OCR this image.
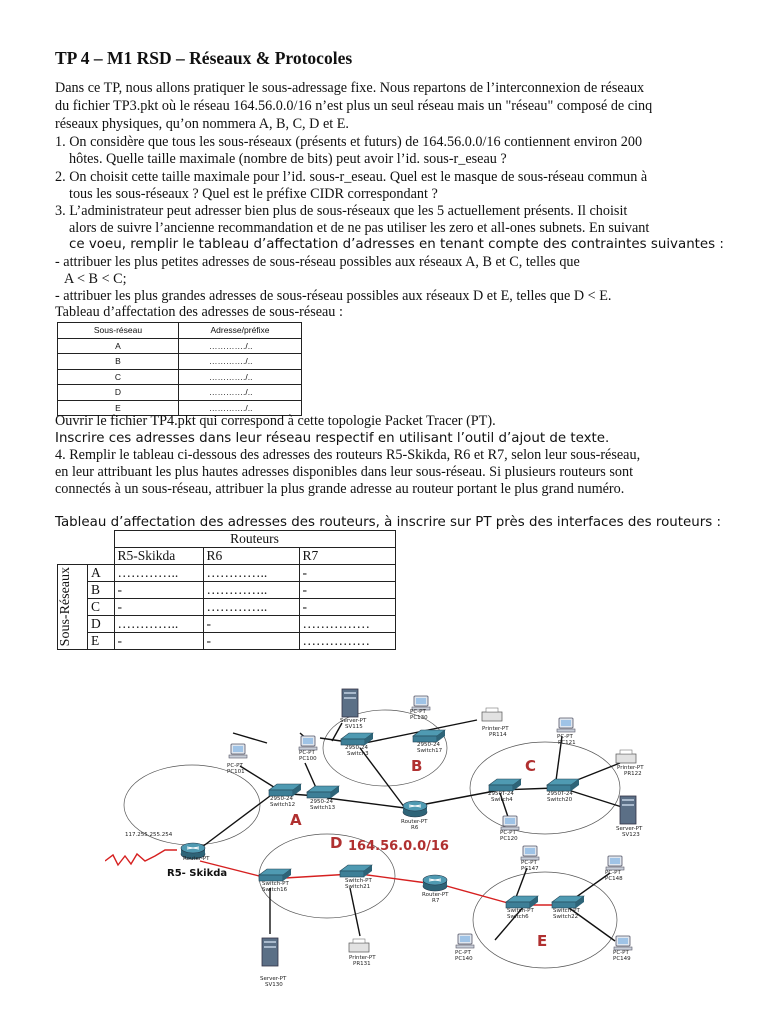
TP 4 – M1 RSD – Réseaux & Protocoles
Dans ce TP, nous allons pratiquer le sous-adressage fixe. Nous repartons de l’interconnexion de réseaux
du fichier TP3.pkt où le réseau 164.56.0.0/16 n’est plus un seul réseau mais un "réseau" composé de cinq
réseaux physiques, qu’on nommera A, B, C, D et E.
1. On considère que tous les sous-réseaux (présents et futurs) de 164.56.0.0/16 contiennent environ 200
hôtes. Quelle taille maximale (nombre de bits) peut avoir l’id. sous-r_eseau ?
2. On choisit cette taille maximale pour l’id. sous-r_eseau. Quel est le masque de sous-réseau commun à
tous les sous-réseaux ? Quel est le préfixe CIDR correspondant ?
3. L’administrateur peut adresser bien plus de sous-réseaux que les 5 actuellement présents. Il choisit
alors de suivre l’ancienne recommandation et de ne pas utiliser les zero et all-ones subnets. En suivant
ce voeu, remplir le tableau d’affectation d’adresses en tenant compte des contraintes suivantes :
- attribuer les plus petites adresses de sous-réseau possibles aux réseaux A, B et C, telles que
A < B < C;
- attribuer les plus grandes adresses de sous-réseau possibles aux réseaux D et E, telles que D < E.
Tableau d’affectation des adresses de sous-réseau :
Sous-réseau	Adresse/préfixe
A	…………./..
B	…………./..
C	…………./..
D	…………./..
E	…………./..
Ouvrir le fichier TP4.pkt qui correspond à cette topologie Packet Tracer (PT).
Inscrire ces adresses dans leur réseau respectif en utilisant l’outil d’ajout de texte.
4. Remplir le tableau ci-dessous des adresses des routeurs R5-Skikda, R6 et R7, selon leur sous-réseau,
en leur attribuant les plus hautes adresses disponibles dans leur sous-réseau. Si plusieurs routeurs sont
connectés à un sous-réseau, attribuer la plus grande adresse au routeur portant le plus grand numéro.
Tableau d’affectation des adresses des routeurs, à inscrire sur PT près des interfaces des routeurs :
		Routeurs		
		R5-Skikda	R6	R7

Sous-Réseaux	A	…………..	…………..	-
	B	-	…………..	-
	C	-	…………..	-
	D	…………..	-	……………
	E	-	-	……………
Server-PT
SV115
PC-PT
PC130
Printer-PT
PR114
2950-24
Switch3
2950-24
Switch17
B
PC-PT
PC101
PC-PT
PC100
2950-24
Switch12	2950-24
Switch13
A	Router-PT
R6
PC-PT
PC121
Printer-PT
PR122
2950T-24
Switch4
2950T-24
Switch20
C
PC-PT
PC120
Server-PT
SV123
164.56.0.0/16
117.255.255.254
Router-PT
R5- Skikda
D
Switch-PT
Switch16
Switch-PT
Switch21
Router-PT
R7
Server-PT
SV130
Printer-PT
PR131
PC-PT
PC147
PC-PT
PC148
Switch-PT
Switch6
Switch-PT
Switch22
E
PC-PT
PC140
PC-PT
PC149
